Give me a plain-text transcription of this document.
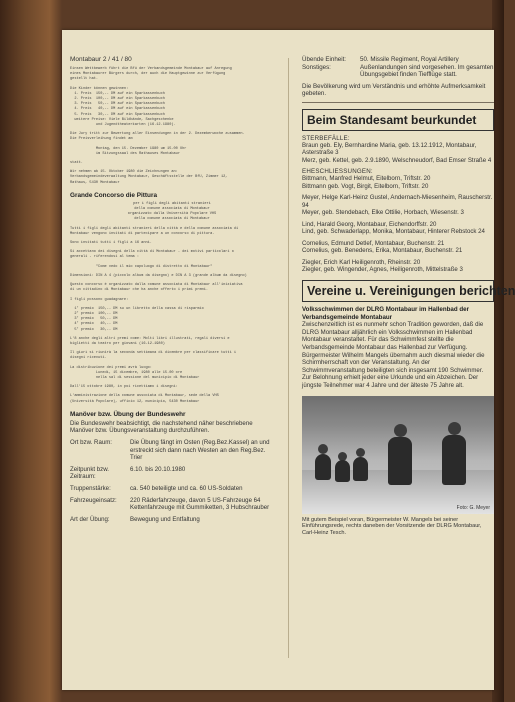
Montabaur 2 / 41 / 80

Einsen Wettbewerb führt die Bfü der Verbandsgemeinde Montabaur auf Anregung

eines Montabaurer Bürgers durch, der auch die Hauptgewinne zur Verfügung

gestellt hat.

Die Kinder können gewinnen:

1. Preis  150,-- DM auf ein Sparkassenbuch

2. Preis  100,-- DM auf ein Sparkassenbuch

3. Preis   50,-- DM auf ein Sparkassenbuch

4. Preis   40,-- DM auf ein Sparkassenbuch

5. Preis   30,-- DM auf ein Sparkassenbuch

weitere Preise: Viele Bildbände, Sachgeschenke

und Jugendtheaterkarten (16.12.1980).

Die Jury tritt zur Bewertung aller Einsendungen in der 2. Dezemberwoche zusammen.

Die Preisverleihung findet am

Montag, den 15. Dezember 1980 um 15.00 Uhr

im Sitzungssaal des Rathauses Montabaur

statt.

Wir nehmen ab 15. Oktober 1980 die Zeichnungen an:

Verbandsgemeindeverwaltung Montabaur, Geschäftsstelle der BfU, Zimmer 12,

Rathaus, 5430 Montabaur

Grande Concorso die Pittura

per i figli degli abitanti stranieri

della comune associata di Montabaur

organizzato dalla Università Popolare VHS

della comune associata di Montabaur

Tutti i figli degli abitanti stranieri della città e della comune associata di

Montabaur vengono invitati di partecipare a un concorso di pittura.

Sono invitati tutti i figli a 16 anni.

Si accettano dei disegni della città di Montabaur - dei motivi particolari o

generali - riferendosi al tema :

"Come vedo il mio capoluogo di distretto di Montabaur"

Dimensioni: DIN A 4 (piccolo album da disegno) e DIN A 3 (grande album da disegno)

Questo concorso è organizzato dalla comune associata di Montabaur all'iniziativa

di un cittadino di Montabaur che ha anche offerto i primi premi.

I figli possono guadagnare:

1° premio  150,-- DM su un libretto della cassa di risparmio

2° premio  100,-- DM

3° premio   50,-- DM

4° premio   40,-- DM

5° premio   30,-- DM

L'8 anche degli altri premi come: Molti libri illustrati, regali diversi e

biglietti da teatro per giovani (16-12-1980)

Il giurì si riunirà la seconda settimana di dicembre per classificare tutti i

disegni ricevuti.

La distribuzione dei premi avrà luogo:

Lunedì, 15 dicembre, 1980 alle 15.00 ore

nella sal di sessione del municipio di Montabaur

Dall'15 ottobre 1980, in poi ricettiamo i disegni:

L'amministrazione della comune associata di Montabaur, sede della VHS

(Università Popolare), ufficio 12, municipio, 5430 Montabaur

Manöver bzw. Übung der Bundeswehr
Die Bundeswehr beabsichtigt, die nachstehend näher beschriebene Manöver bzw. Übungsveranstaltung durchzuführen.
Ort bzw. Raum:	Die Übung fängt im Osten (Reg.Bez.Kassel) an und erstreckt sich dann nach Westen an den Reg.Bez. Trier
Zeitpunkt bzw. Zeitraum:
6.10. bis 20.10.1980
Truppenstärke:	ca. 540 beteiligte und ca. 60 US-Soldaten
Fahrzeugeinsatz:	220 Räderfahrzeuge, davon 5 US-Fahrzeuge 64 Kettenfahrzeuge mit Gummiketten, 3 Hubschrauber
Art der Übung:	Bewegung und Entfaltung
Übende Einheit:	50. Missile Regiment, Royal Artillery
Sonstiges:	Außenlandungen sind vorgesehen. Im gesamten Übungsgebiet finden Tiefflüge statt.
Die Bevölkerung wird um Verständnis und erhöhte Aufmerksamkeit gebeten.
Beim Standesamt beurkundet
STERBEFÄLLE:
Braun geb. Ely, Bernhardine Maria, geb. 13.12.1912, Montabaur, Asterstraße 3
Merz, geb. Kettel, geb. 2.9.1890, Welschneudorf, Bad Emser Straße 4
EHESCHLIESSUNGEN:
Bittmann, Manfred Helmut, Eitelborn, Triftstr. 20
Bittmann geb. Vogt, Birgit, Eitelborn, Triftstr. 20
Meyer, Helge Karl-Heinz Gustel, Andernach-Miesenheim, Rauscherstr. 94
Meyer, geb. Stendebach, Elke Ottilie, Horbach, Wiesenstr. 3
Lind, Harald Georg, Montabaur, Eichendorffstr. 20
Lind, geb. Schwaderlapp, Monika, Montabaur, Hinterer Rebstock 24
Cornelius, Edmund Detlef, Montabaur, Buchenstr. 21
Cornelius, geb. Benedens, Erika, Montabaur, Buchenstr. 21
Ziegler, Erich Karl Heiligenroth, Rheinstr. 20
Ziegler, geb. Wingender, Agnes, Heiligenroth, Mittelstraße 3
Vereine u. Vereinigungen berichten
Volksschwimmen der DLRG Montabaur im Hallenbad der Verbandsgemeinde Montabaur
Zwischenzeitlich ist es nunmehr schon Tradition geworden, daß die DLRG Montabaur alljährlich ein Volksschwimmen im Hallenbad Montabaur veranstaltet. Für das Schwimmfest stellte die Verbandsgemeinde Montabaur das Hallenbad zur Verfügung. Bürgermeister Wilhelm Mangels übernahm auch diesmal wieder die Schirmherrschaft von der Veranstaltung. An der Schwimmveranstaltung beteiligten sich insgesamt 190 Schwimmer. Zur Belohnung erhielt jeder eine Urkunde und ein Abzeichen. Der jüngste Teilnehmer war 4 Jahre und der älteste 75 Jahre alt.
Foto: G. Meyer
Mit gutem Beispiel voran, Bürgermeister W. Mangels bei seiner Einführungsrede, rechts daneben der Vorsitzende der DLRG Montabaur, Carl-Heinz Tesch.
